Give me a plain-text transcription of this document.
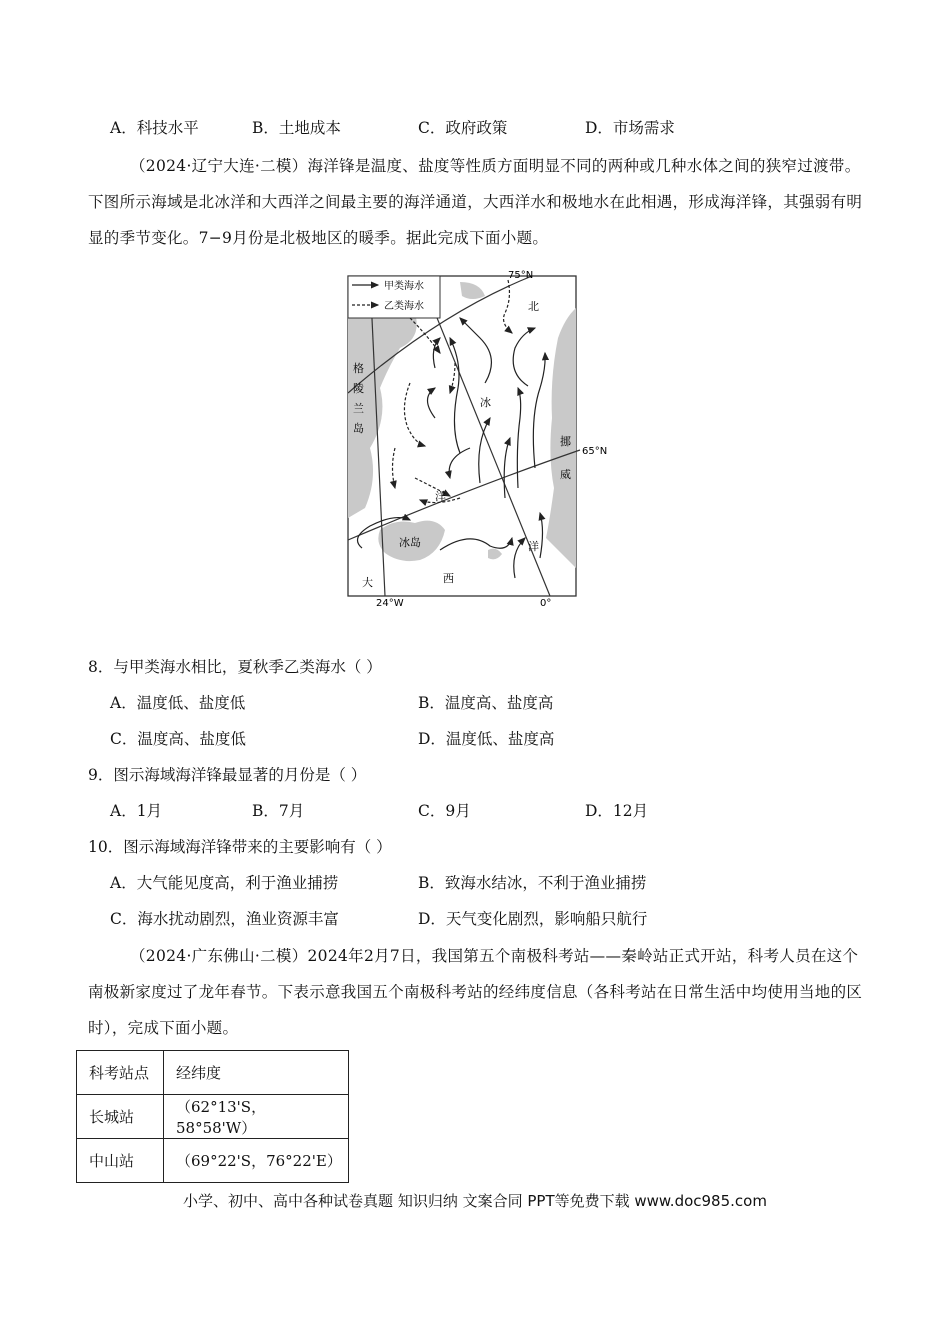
A．科技水平	B．土地成本	C．政府政策	D．市场需求
（2024·辽宁大连·二模）海洋锋是温度、盐度等性质方面明显不同的两种或几种水体之间的狭窄过渡带。下图所示海域是北冰洋和大西洋之间最主要的海洋通道，大西洋水和极地水在此相遇，形成海洋锋，其强弱有明显的季节变化。7−9月份是北极地区的暖季。据此完成下面小题。
甲类海水
乙类海水
75°N
65°N
24°W	0°
格
陵
兰
岛
挪
威
北
冰
洋
冰岛
大	西
洋
8．与甲类海水相比，夏秋季乙类海水（ ）
A．温度低、盐度低	B．温度高、盐度高
C．温度高、盐度低	D．温度低、盐度高
9．图示海域海洋锋最显著的月份是（ ）
A．1月	B．7月	C．9月	D．12月
10．图示海域海洋锋带来的主要影响有（ ）
A．大气能见度高，利于渔业捕捞	B．致海水结冰，不利于渔业捕捞
C．海水扰动剧烈，渔业资源丰富	D．天气变化剧烈，影响船只航行
（2024·广东佛山·二模）2024年2月7日，我国第五个南极科考站——秦岭站正式开站，科考人员在这个南极新家度过了龙年春节。下表示意我国五个南极科考站的经纬度信息（各科考站在日常生活中均使用当地的区时），完成下面小题。
科考站点	经纬度
长城站	（62°13'S，58°58'W）
中山站	（69°22'S，76°22'E）
小学、初中、高中各种试卷真题 知识归纳 文案合同 PPT等免费下载 www.doc985.com
